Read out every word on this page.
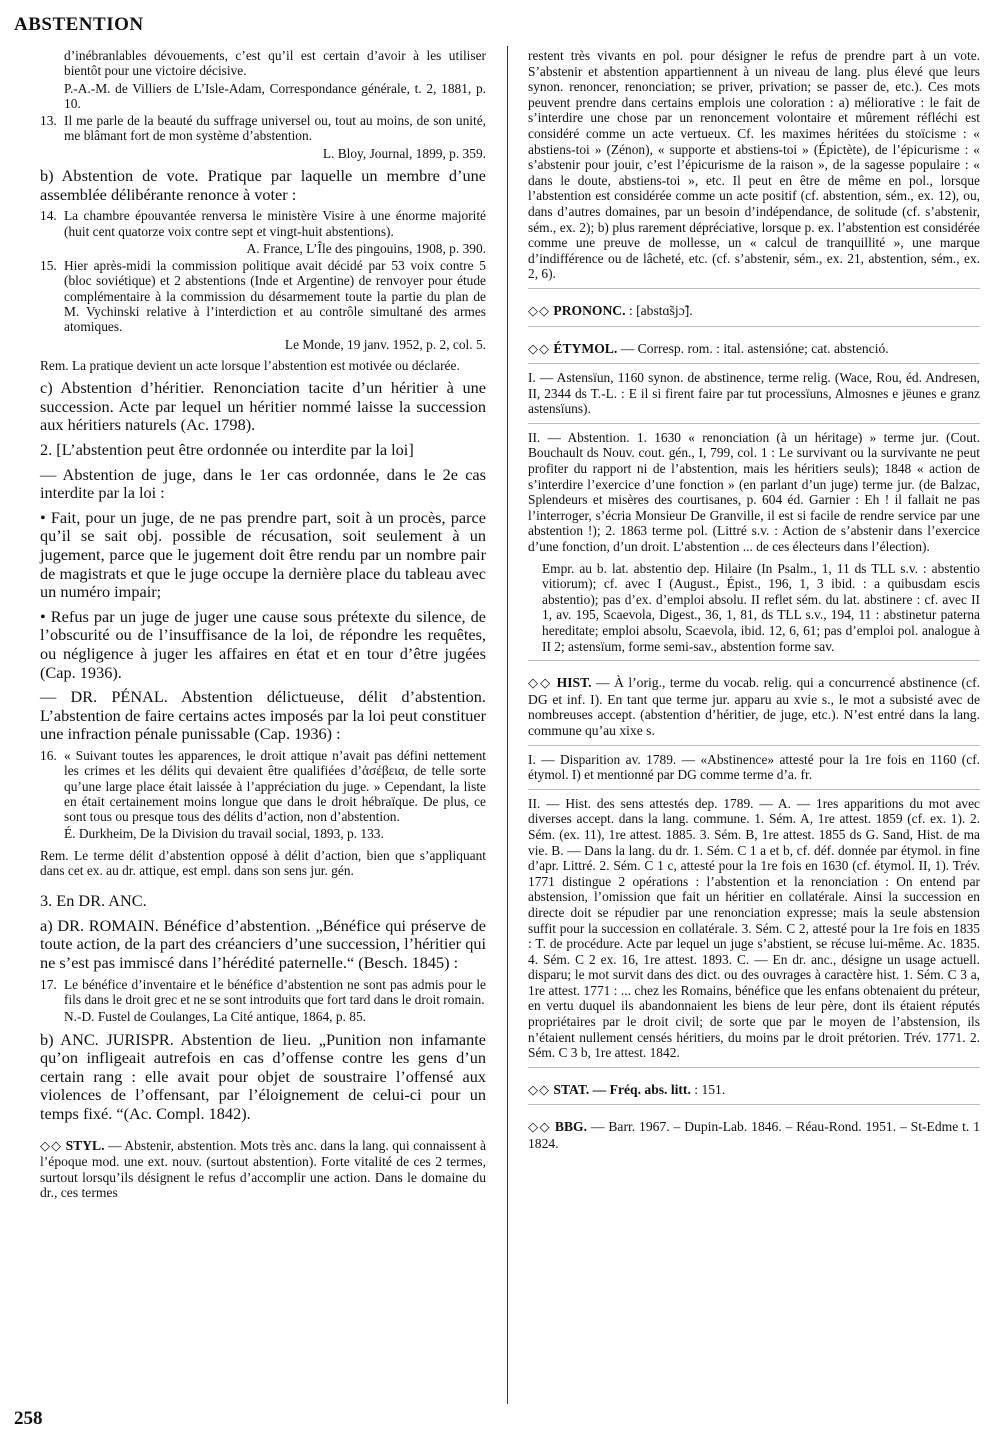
ABSTENTION

d’inébranlables dévouements, c’est qu’il est certain d’avoir à les utiliser bientôt pour une victoire décisive.

P.-A.-M. de Villiers de L’Isle-Adam, Correspondance générale, t. 2, 1881, p. 10.

13. Il me parle de la beauté du suffrage universel ou, tout au moins, de son unité, me blâmant fort de mon système d’abstention.

L. Bloy, Journal, 1899, p. 359.

b) Abstention de vote. Pratique par laquelle un membre d’une assemblée délibérante renonce à voter :

14. La chambre épouvantée renversa le ministère Visire à une énorme majorité (huit cent quatorze voix contre sept et vingt-huit abstentions).

A. France, L’Île des pingouins, 1908, p. 390.

15. Hier après-midi la commission politique avait décidé par 53 voix contre 5 (bloc soviétique) et 2 abstentions (Inde et Argentine) de renvoyer pour étude complémentaire à la commission du désarmement toute la partie du plan de M. Vychinski relative à l’interdiction et au contrôle simultané des armes atomiques.

Le Monde, 19 janv. 1952, p. 2, col. 5.

Rem. La pratique devient un acte lorsque l’abstention est motivée ou déclarée.

c) Abstention d’héritier. Renonciation tacite d’un héritier à une succession. Acte par lequel un héritier nommé laisse la succession aux héritiers naturels (Ac. 1798).

2. [L’abstention peut être ordonnée ou interdite par la loi]

— Abstention de juge, dans le 1er cas ordonnée, dans le 2e cas interdite par la loi :

• Fait, pour un juge, de ne pas prendre part, soit à un procès, parce qu’il se sait obj. possible de récusation, soit seulement à un jugement, parce que le jugement doit être rendu par un nombre pair de magistrats et que le juge occupe la dernière place du tableau avec un numéro impair;

• Refus par un juge de juger une cause sous prétexte du silence, de l’obscurité ou de l’insuffisance de la loi, de répondre les requêtes, ou négligence à juger les affaires en état et en tour d’être jugées (Cap. 1936).

— DR. PÉNAL. Abstention délictueuse, délit d’abstention. L’abstention de faire certains actes imposés par la loi peut constituer une infraction pénale punissable (Cap. 1936) :

16. « Suivant toutes les apparences, le droit attique n’avait pas défini nettement les crimes et les délits qui devaient être qualifiées d’ἀσέβεια, de telle sorte qu’une large place était laissée à l’appréciation du juge. » Cependant, la liste en était certainement moins longue que dans le droit hébraïque. De plus, ce sont tous ou presque tous des délits d’action, non d’abstention.

É. Durkheim, De la Division du travail social, 1893, p. 133.

Rem. Le terme délit d’abstention opposé à délit d’action, bien que s’appliquant dans cet ex. au dr. attique, est empl. dans son sens jur. gén.

3. En DR. ANC.

a) DR. ROMAIN. Bénéfice d’abstention. „Bénéfice qui préserve de toute action, de la part des créanciers d’une succession, l’héritier qui ne s’est pas immiscé dans l’hérédité paternelle.“ (Besch. 1845) :

17. Le bénéfice d’inventaire et le bénéfice d’abstention ne sont pas admis pour le fils dans le droit grec et ne se sont introduits que fort tard dans le droit romain.

N.-D. Fustel de Coulanges, La Cité antique, 1864, p. 85.

b) ANC. JURISPR. Abstention de lieu. „Punition non infamante qu’on infligeait autrefois en cas d’offense contre les gens d’un certain rang : elle avait pour objet de soustraire l’offensé aux violences de l’offensant, par l’éloignement de celui-ci pour un temps fixé. “(Ac. Compl. 1842).

◇◇ STYL. — Abstenir, abstention. Mots très anc. dans la lang. qui connaissent à l’époque mod. une ext. nouv. (surtout abstention). Forte vitalité de ces 2 termes, surtout lorsqu’ils désignent le refus d’accomplir une action. Dans le domaine du dr., ces termes

restent très vivants en pol. pour désigner le refus de prendre part à un vote. S’abstenir et abstention appartiennent à un niveau de lang. plus élevé que leurs synon. renoncer, renonciation; se priver, privation; se passer de, etc.). Ces mots peuvent prendre dans certains emplois une coloration : a) méliorative : le fait de s’interdire une chose par un renoncement volontaire et mûrement réfléchi est considéré comme un acte vertueux. Cf. les maximes héritées du stoïcisme : « abstiens-toi » (Zénon), « supporte et abstiens-toi » (Épictète), de l’épicurisme : « s’abstenir pour jouir, c’est l’épicurisme de la raison », de la sagesse populaire : « dans le doute, abstiens-toi », etc. Il peut en être de même en pol., lorsque l’abstention est considérée comme un acte positif (cf. abstention, sém., ex. 12), ou, dans d’autres domaines, par un besoin d’indépendance, de solitude (cf. s’abstenir, sém., ex. 2); b) plus rarement dépréciative, lorsque p. ex. l’abstention est considérée comme une preuve de mollesse, un « calcul de tranquillité », une marque d’indifférence ou de lâcheté, etc. (cf. s’abstenir, sém., ex. 21, abstention, sém., ex. 2, 6).

◇◇ PRONONC. : [abstɑ̃sjɔ̃].

◇◇ ÉTYMOL. — Corresp. rom. : ital. astensióne; cat. abstenció.

I. — Astensïun, 1160 synon. de abstinence, terme relig. (Wace, Rou, éd. Andresen, II, 2344 ds T.-L. : E il si firent faire par tut processïuns, Almosnes e jëunes e granz astensïuns).

II. — Abstention. 1. 1630 « renonciation (à un héritage) » terme jur. (Cout. Bouchault ds Nouv. cout. gén., I, 799, col. 1 : Le survivant ou la survivante ne peut profiter du rapport ni de l’abstention, mais les héritiers seuls); 1848 « action de s’interdire l’exercice d’une fonction » (en parlant d’un juge) terme jur. (de Balzac, Splendeurs et misères des courtisanes, p. 604 éd. Garnier : Eh ! il fallait ne pas l’interroger, s’écria Monsieur De Granville, il est si facile de rendre service par une abstention !); 2. 1863 terme pol. (Littré s.v. : Action de s’abstenir dans l’exercice d’une fonction, d’un droit. L’abstention ... de ces électeurs dans l’élection).

Empr. au b. lat. abstentio dep. Hilaire (In Psalm., 1, 11 ds TLL s.v. : abstentio vitiorum); cf. avec I (August., Épist., 196, 1, 3 ibid. : a quibusdam escis abstentio); pas d’ex. d’emploi absolu. II reflet sém. du lat. abstinere : cf. avec II 1, av. 195, Scaevola, Digest., 36, 1, 81, ds TLL s.v., 194, 11 : abstinetur paterna hereditate; emploi absolu, Scaevola, ibid. 12, 6, 61; pas d’emploi pol. analogue à II 2; astensïum, forme semi-sav., abstention forme sav.

◇◇ HIST. — À l’orig., terme du vocab. relig. qui a concurrencé abstinence (cf. DG et inf. I). En tant que terme jur. apparu au xvie s., le mot a subsisté avec de nombreuses accept. (abstention d’héritier, de juge, etc.). N’est entré dans la lang. commune qu’au xixe s.

I. — Disparition av. 1789. — «Abstinence» attesté pour la 1re fois en 1160 (cf. étymol. I) et mentionné par DG comme terme d’a. fr.

II. — Hist. des sens attestés dep. 1789. — A. — 1res apparitions du mot avec diverses accept. dans la lang. commune. 1. Sém. A, 1re attest. 1859 (cf. ex. 1). 2. Sém. (ex. 11), 1re attest. 1885. 3. Sém. B, 1re attest. 1855 ds G. Sand, Hist. de ma vie. B. — Dans la lang. du dr. 1. Sém. C 1 a et b, cf. déf. donnée par étymol. in fine d’apr. Littré. 2. Sém. C 1 c, attesté pour la 1re fois en 1630 (cf. étymol. II, 1). Trév. 1771 distingue 2 opérations : l’abstention et la renonciation : On entend par abstension, l’omission que fait un héritier en collatérale. Ainsi la succession en directe doit se répudier par une renonciation expresse; mais la seule abstension suffit pour la succession en collatérale. 3. Sém. C 2, attesté pour la 1re fois en 1835 : T. de procédure. Acte par lequel un juge s’abstient, se récuse lui-même. Ac. 1835. 4. Sém. C 2 ex. 16, 1re attest. 1893. C. — En dr. anc., désigne un usage actuell. disparu; le mot survit dans des dict. ou des ouvrages à caractère hist. 1. Sém. C 3 a, 1re attest. 1771 : ... chez les Romains, bénéfice que les enfans obtenaient du préteur, en vertu duquel ils abandonnaient les biens de leur père, dont ils étaient réputés propriétaires par le droit civil; de sorte que par le moyen de l’abstension, ils n’étaient nullement censés héritiers, du moins par le droit prétorien. Trév. 1771. 2. Sém. C 3 b, 1re attest. 1842.

◇◇ STAT. — Fréq. abs. litt. : 151.

◇◇ BBG. — Barr. 1967. – Dupin-Lab. 1846. – Réau-Rond. 1951. – St-Edme t. 1 1824.

258
